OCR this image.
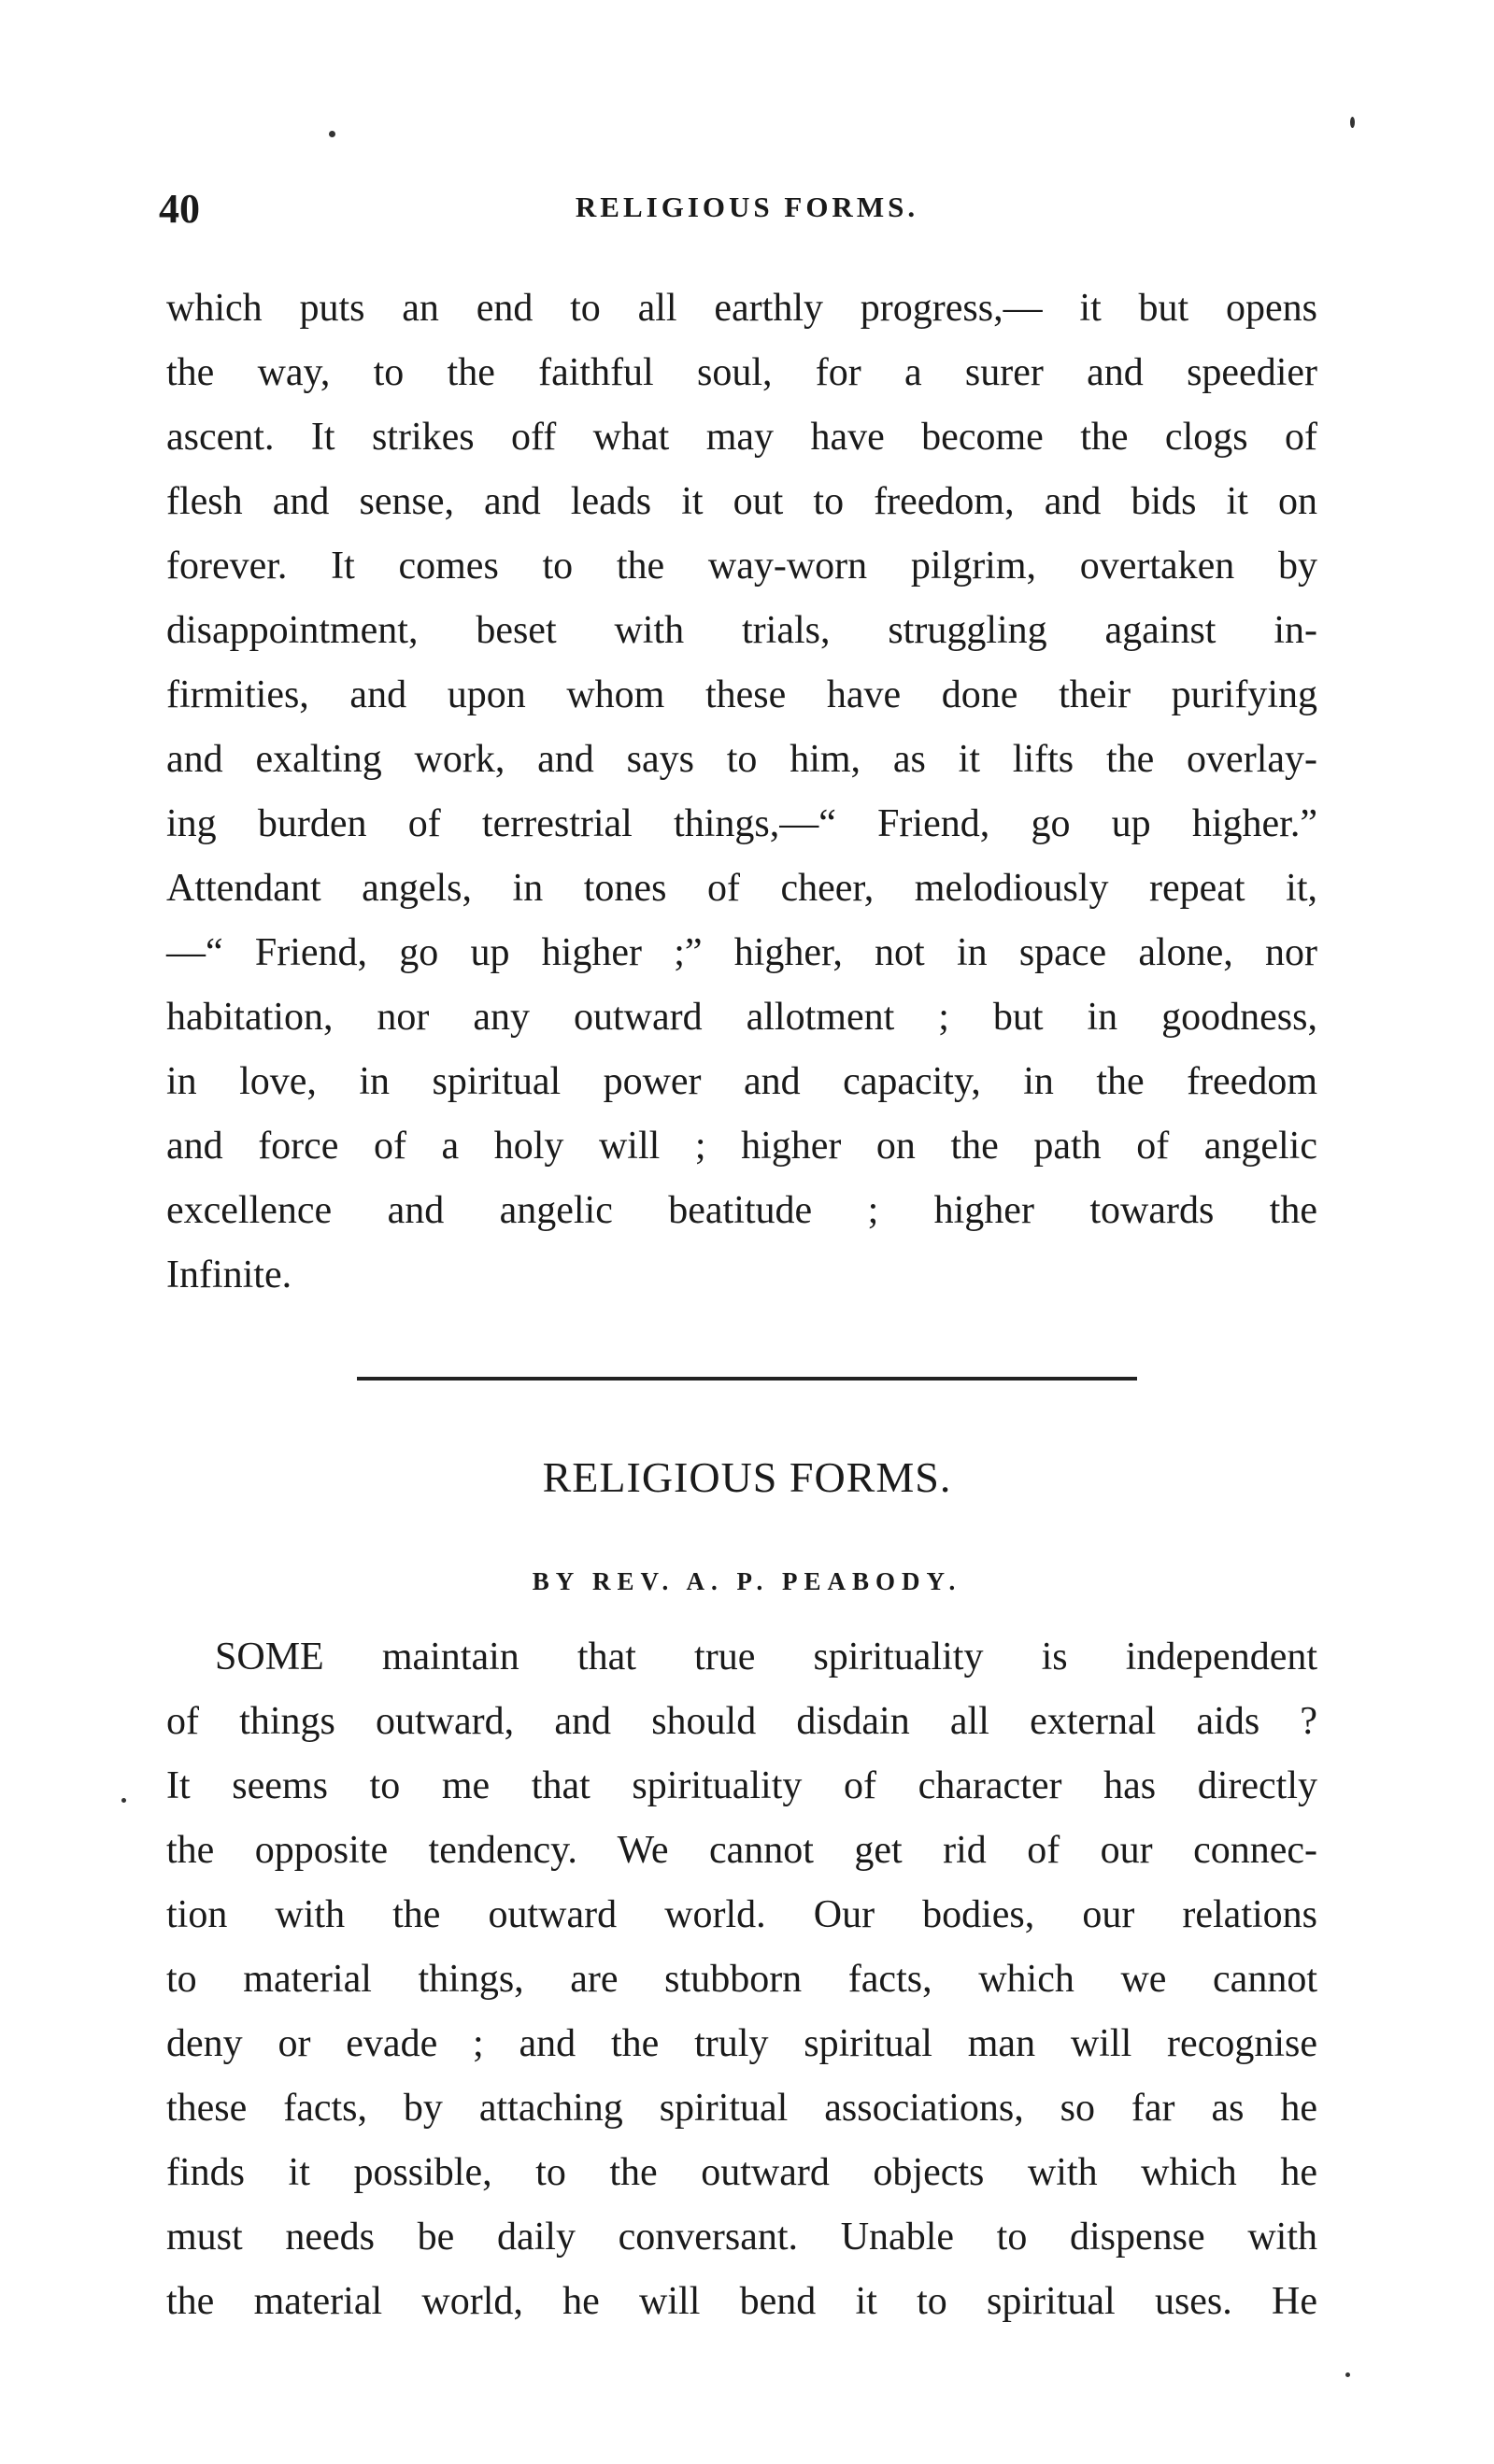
40	RELIGIOUS FORMS.
which puts an end to all earthly progress,— it but opens
the way, to the faithful soul, for a surer and speedier
ascent. It strikes off what may have become the clogs of
flesh and sense, and leads it out to freedom, and bids it on
forever. It comes to the way-worn pilgrim, overtaken by
disappointment, beset with trials, struggling against in-
firmities, and upon whom these have done their purifying
and exalting work, and says to him, as it lifts the overlay-
ing burden of terrestrial things,—“ Friend, go up higher.”
Attendant angels, in tones of cheer, melodiously repeat it,
—“ Friend, go up higher ;” higher, not in space alone, nor
habitation, nor any outward allotment ; but in goodness,
in love, in spiritual power and capacity, in the freedom
and force of a holy will ; higher on the path of angelic
excellence and angelic beatitude ; higher towards the
Infinite.
RELIGIOUS FORMS.
BY REV. A. P. PEABODY.
SOME maintain that true spirituality is independent
of things outward, and should disdain all external aids ?
It seems to me that spirituality of character has directly
the opposite tendency. We cannot get rid of our connec-
tion with the outward world. Our bodies, our relations
to material things, are stubborn facts, which we cannot
deny or evade ; and the truly spiritual man will recognise
these facts, by attaching spiritual associations, so far as he
finds it possible, to the outward objects with which he
must needs be daily conversant. Unable to dispense with
the material world, he will bend it to spiritual uses. He
